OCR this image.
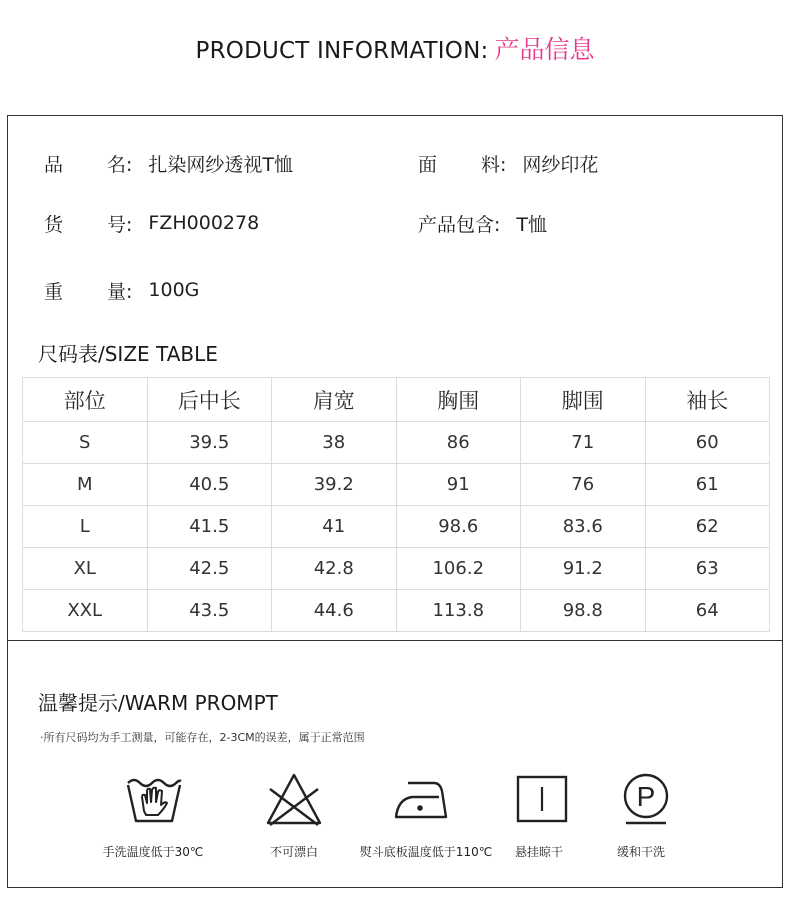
PRODUCT INFORMATION: 产品信息
品 名: 扎染网纱透视T恤	面 料: 网纱印花
货 号: FZH000278	产品包含: T恤
重 量: 100G
尺码表/SIZE TABLE
部位	后中长	肩宽	胸围	脚围	袖长
S	39.5	38	86	71	60
M	40.5	39.2	91	76	61
L	41.5	41	98.6	83.6	62
XL	42.5	42.8	106.2	91.2	63
XXL	43.5	44.6	113.8	98.8	64
温馨提示/WARM PROMPT
·所有尺码均为手工测量，可能存在，2-3CM的误差，属于正常范围
手洗温度低于30℃	不可漂白	熨斗底板温度低于110℃ 悬挂晾干
P
缓和干洗
